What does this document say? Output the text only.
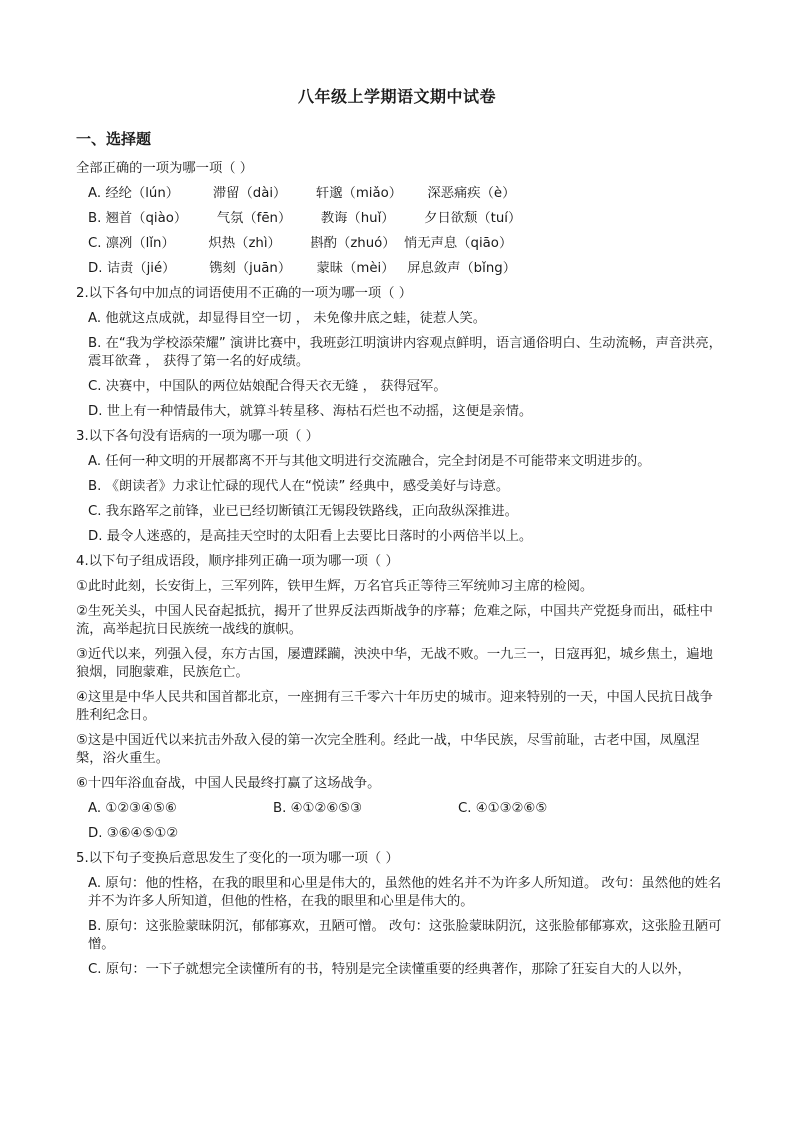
八年级上学期语文期中试卷
一、选择题
全部正确的一项为哪一项（ ）
A. 经纶（lún）        滞留（dài）       轩邈（miǎo）      深恶痛疾（è）
B. 翘首（qiào）       气氛（fēn）       教诲（huǐ）       夕日欲颓（tuí）
C. 凛冽（lǐn）        炽热（zhì）       斟酌（zhuó）  悄无声息（qiāo）
D. 诘责（jié）        镌刻（juān）      蒙昧（mèi）   屏息敛声（bǐng）
2.以下各句中加点的词语使用不正确的一项为哪一项（ ）
A. 他就这点成就，却显得目空一切 ， 未免像井底之蛙，徒惹人笑。
B. 在“我为学校添荣耀” 演讲比赛中，我班彭江明演讲内容观点鲜明，语言通俗明白、生动流畅，声音洪亮，震耳欲聋 ， 获得了第一名的好成绩。
C. 决赛中，中国队的两位姑娘配合得天衣无缝 ， 获得冠军。
D. 世上有一种情最伟大，就算斗转星移、海枯石烂也不动摇，这便是亲情。
3.以下各句没有语病的一项为哪一项（ ）
A. 任何一种文明的开展都离不开与其他文明进行交流融合，完全封闭是不可能带来文明进步的。
B. 《朗读者》力求让忙碌的现代人在“悦读” 经典中，感受美好与诗意。
C. 我东路军之前锋，业已已经切断镇江无锡段铁路线，正向敌纵深推进。
D. 最令人迷惑的，是高挂天空时的太阳看上去要比日落时的小两倍半以上。
4.以下句子组成语段，顺序排列正确一项为哪一项（ ）
①此时此刻，长安街上，三军列阵，铁甲生辉，万名官兵正等待三军统帅习主席的检阅。
②生死关头，中国人民奋起抵抗，揭开了世界反法西斯战争的序幕；危难之际，中国共产党挺身而出，砥柱中流，高举起抗日民族统一战线的旗帜。
③近代以来，列强入侵，东方古国，屡遭蹂躏，泱泱中华，无战不败。一九三一，日寇再犯，城乡焦土，遍地狼烟，同胞蒙难，民族危亡。
④这里是中华人民共和国首都北京，一座拥有三千零六十年历史的城市。迎来特别的一天，中国人民抗日战争胜利纪念日。
⑤这是中国近代以来抗击外敌入侵的第一次完全胜利。经此一战，中华民族，尽雪前耻，古老中国，凤凰涅槃，浴火重生。
⑥十四年浴血奋战，中国人民最终打赢了这场战争。
A. ①②③④⑤⑥	B. ④①②⑥⑤③	C. ④①③②⑥⑤
D. ③⑥④⑤①②
5.以下句子变换后意思发生了变化的一项为哪一项（ ）
A. 原句：他的性格，在我的眼里和心里是伟大的，虽然他的姓名并不为许多人所知道。 改句：虽然他的姓名并不为许多人所知道，但他的性格，在我的眼里和心里是伟大的。
B. 原句：这张脸蒙昧阴沉，郁郁寡欢，丑陋可憎。 改句：这张脸蒙昧阴沉，这张脸郁郁寡欢，这张脸丑陋可憎。
C. 原句：一下子就想完全读懂所有的书，特别是完全读懂重要的经典著作，那除了狂妄自大的人以外，
